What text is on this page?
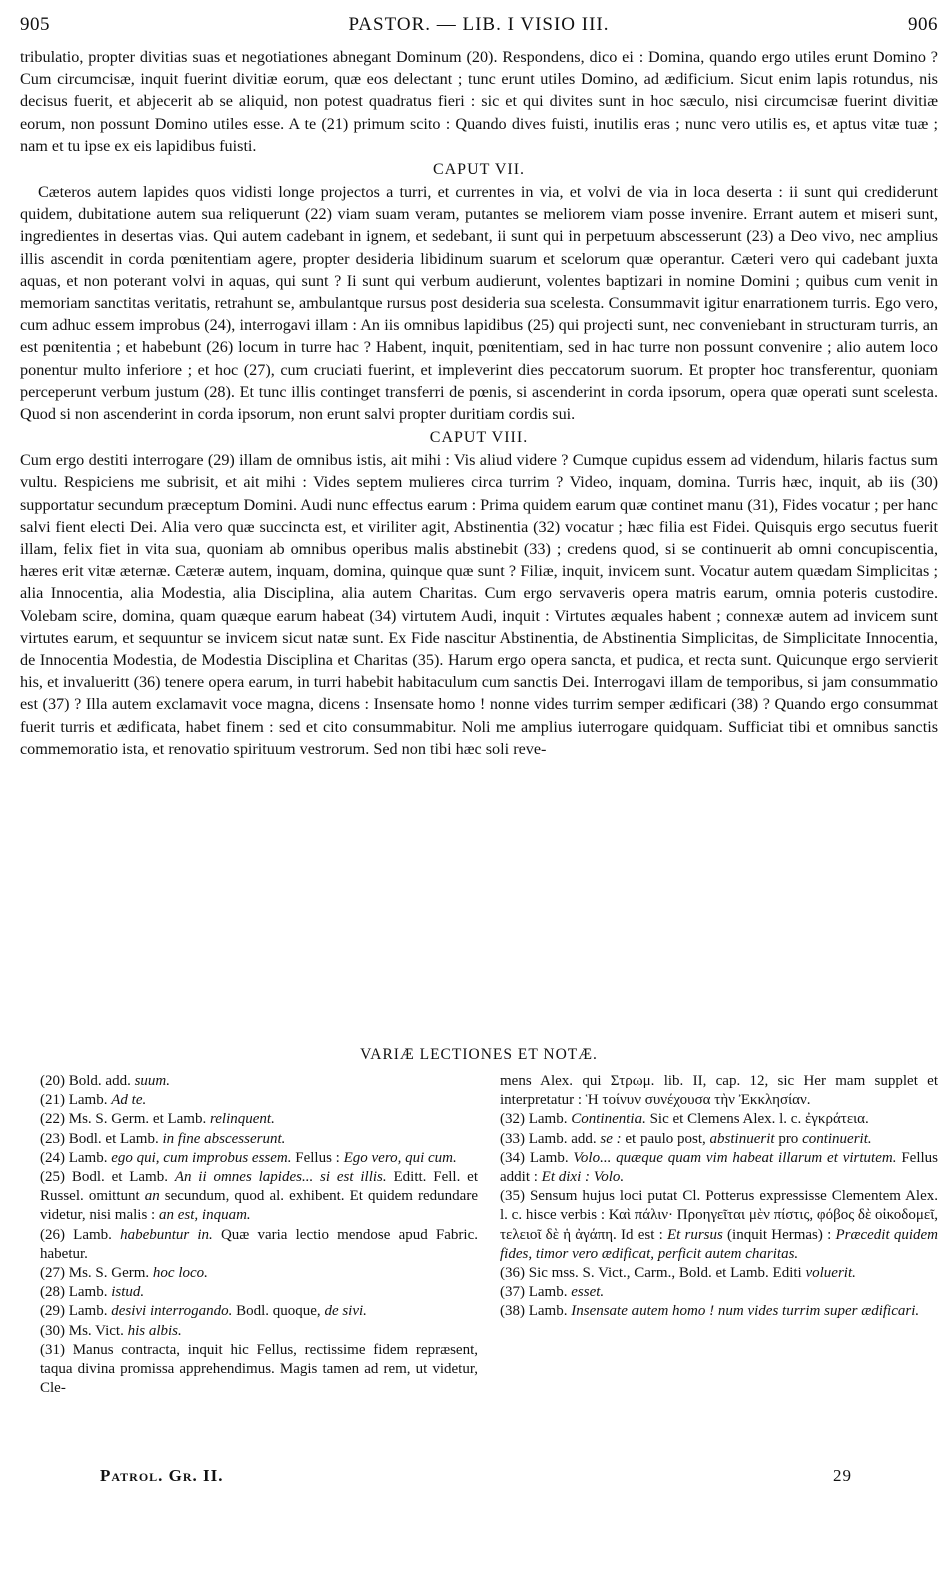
905	PASTOR. — LIB. I VISIO III.	906

tribulatio, propter divitias suas et negotiationes abnegant Dominum (20). Respondens, dico ei : Domina, quando ergo utiles erunt Domino ? Cum circumcisæ, inquit fuerint divitiæ eorum, quæ eos delectant ; tunc erunt utiles Domino, ad ædificium. Sicut enim lapis rotundus, nis decisus fuerit, et abjecerit ab se aliquid, non potest quadratus fieri : sic et qui divites sunt in hoc sæculo, nisi circumcisæ fuerint divitiæ eorum, non possunt Domino utiles esse. A te (21) primum scito : Quando dives fuisti, inutilis eras ; nunc vero utilis es, et aptus vitæ tuæ ; nam et tu ipse ex eis lapidibus fuisti.

CAPUT VII.

Cæteros autem lapides quos vidisti longe projectos a turri, et currentes in via, et volvi de via in loca deserta : ii sunt qui crediderunt quidem, dubitatione autem sua reliquerunt (22) viam suam veram, putantes se meliorem viam posse invenire. Errant autem et miseri sunt, ingredientes in desertas vias. Qui autem cadebant in ignem, et sedebant, ii sunt qui in perpetuum abscesserunt (23) a Deo vivo, nec amplius illis ascendit in corda pœnitentiam agere, propter desideria libidinum suarum et scelorum quæ operantur. Cæteri vero qui cadebant juxta aquas, et non poterant volvi in aquas, qui sunt ? Ii sunt qui verbum audierunt, volentes baptizari in nomine Domini ; quibus cum venit in memoriam sanctitas veritatis, retrahunt se, ambulantque rursus post desideria sua scelesta. Consummavit igitur enarrationem turris. Ego vero, cum adhuc essem improbus (24), interrogavi illam : An iis omnibus lapidibus (25) qui projecti sunt, nec conveniebant in structuram turris, an est pœnitentia ; et habebunt (26) locum in turre hac ? Habent, inquit, pœnitentiam, sed in hac turre non possunt convenire ; alio autem loco ponentur multo inferiore ; et hoc (27), cum cruciati fuerint, et impleverint dies peccatorum suorum. Et propter hoc transferentur, quoniam perceperunt verbum justum (28). Et tunc illis continget transferri de pœnis, si ascenderint in corda ipsorum, opera quæ operati sunt scelesta. Quod si non ascenderint in corda ipsorum, non erunt salvi propter duritiam cordis sui.

CAPUT VIII.

Cum ergo destiti interrogare (29) illam de omnibus istis, ait mihi : Vis aliud videre ? Cumque cupidus essem ad videndum, hilaris factus sum vultu. Respiciens me subrisit, et ait mihi : Vides septem mulieres circa turrim ? Video, inquam, domina. Turris hæc, inquit, ab iis (30) supportatur secundum præceptum Domini. Audi nunc effectus earum : Prima quidem earum quæ continet manu (31), Fides vocatur ; per hanc salvi fient electi Dei. Alia vero quæ succincta est, et viriliter agit, Abstinentia (32) vocatur ; hæc filia est Fidei. Quisquis ergo secutus fuerit illam, felix fiet in vita sua, quoniam ab omnibus operibus malis abstinebit (33) ; credens quod, si se continuerit ab omni concupiscentia, hæres erit vitæ æternæ. Cæteræ autem, inquam, domina, quinque quæ sunt ? Filiæ, inquit, invicem sunt. Vocatur autem quædam Simplicitas ; alia Innocentia, alia Modestia, alia Disciplina, alia autem Charitas. Cum ergo servaveris opera matris earum, omnia poteris custodire. Volebam scire, domina, quam quæque earum habeat (34) virtutem Audi, inquit : Virtutes æquales habent ; connexæ autem ad invicem sunt virtutes earum, et sequuntur se invicem sicut natæ sunt. Ex Fide nascitur Abstinentia, de Abstinentia Simplicitas, de Simplicitate Innocentia, de Innocentia Modestia, de Modestia Disciplina et Charitas (35). Harum ergo opera sancta, et pudica, et recta sunt. Quicunque ergo servierit his, et invalueritt (36) tenere opera earum, in turri habebit habitaculum cum sanctis Dei. Interrogavi illam de temporibus, si jam consummatio est (37) ? Illa autem exclamavit voce magna, dicens : Insensate homo ! nonne vides turrim semper ædificari (38) ? Quando ergo consummat fuerit turris et ædificata, habet finem : sed et cito consummabitur. Noli me amplius iuterrogare quidquam. Sufficiat tibi et omnibus sanctis commemoratio ista, et renovatio spirituum vestrorum. Sed non tibi hæc soli reve-

VARIÆ LECTIONES ET NOTÆ.
(20) Bold. add. suum.
(21) Lamb. Ad te.
(22) Ms. S. Germ. et Lamb. relinquent.
(23) Bodl. et Lamb. in fine abscesserunt.
(24) Lamb. ego qui, cum improbus essem. Fellus : Ego vero, qui cum.
(25) Bodl. et Lamb. An ii omnes lapides... si est illis. Editt. Fell. et Russel. omittunt an secundum, quod al. exhibent. Et quidem redundare videtur, nisi malis : an est, inquam.
(26) Lamb. habebuntur in. Quæ varia lectio mendose apud Fabric. habetur.
(27) Ms. S. Germ. hoc loco.
(28) Lamb. istud.
(29) Lamb. desivi interrogando. Bodl. quoque, de sivi.
(30) Ms. Vict. his albis.
(31) Manus contracta, inquit hic Fellus, rectissime fidem repræsent, taqua divina promissa apprehendimus. Magis tamen ad rem, ut videtur, Cle-
mens Alex. qui Στρωμ. lib. II, cap. 12, sic Her mam supplet et interpretatur : Ἡ τοίνυν συνέχουσα τὴν Ἐκκλησίαν.
(32) Lamb. Continentia. Sic et Clemens Alex. l. c. ἐγκράτεια.
(33) Lamb. add. se : et paulo post, abstinuerit pro continuerit.
(34) Lamb. Volo... quæque quam vim habeat illarum et virtutem. Fellus addit : Et dixi : Volo.
(35) Sensum hujus loci putat Cl. Potterus expressisse Clementem Alex. l. c. hisce verbis : Καὶ πάλιν· Προηγεῖται μὲν πίστις, φόβος δὲ οἰκοδομεῖ, τελειοῖ δὲ ἡ ἀγάπη. Id est : Et rursus (inquit Hermas) : Præcedit quidem fides, timor vero ædificat, perficit autem charitas.
(36) Sic mss. S. Vict., Carm., Bold. et Lamb. Editi voluerit.
(37) Lamb. esset.
(38) Lamb. Insensate autem homo ! num vides turrim super ædificari.
Patrol. Gr. II.	29
